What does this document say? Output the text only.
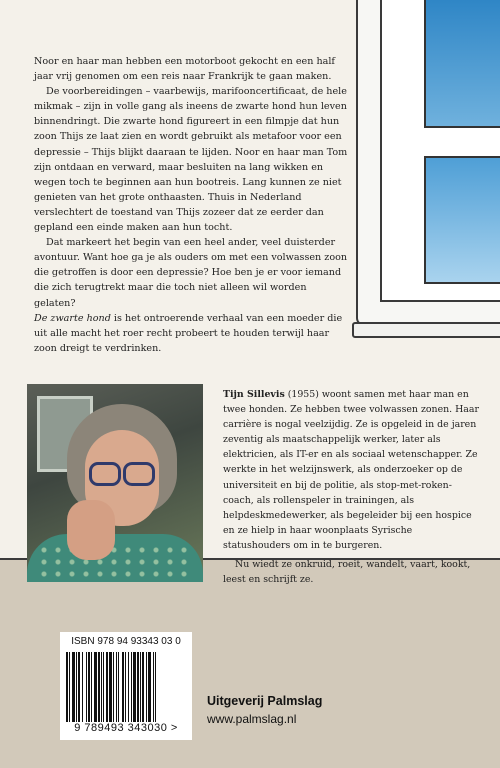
Noor en haar man hebben een motorboot gekocht en een half jaar vrij genomen om een reis naar Frankrijk te gaan maken.

De voorbereidingen – vaarbewijs, marifooncertificaat, de hele mikmak – zijn in volle gang als ineens de zwarte hond hun leven binnendringt. Die zwarte hond figureert in een filmpje dat hun zoon Thijs ze laat zien en wordt gebruikt als metafoor voor een depressie – Thijs blijkt daaraan te lijden. Noor en haar man Tom zijn ontdaan en verward, maar besluiten na lang wikken en wegen toch te beginnen aan hun bootreis. Lang kunnen ze niet genieten van het grote onthaasten. Thuis in Nederland verslechtert de toestand van Thijs zozeer dat ze eerder dan gepland een einde maken aan hun tocht.

Dat markeert het begin van een heel ander, veel duisterder avontuur. Want hoe ga je als ouders om met een volwassen zoon die getroffen is door een depressie? Hoe ben je er voor iemand die zich terugtrekt maar die toch niet alleen wil worden gelaten?

De zwarte hond is het ontroerende verhaal van een moeder die uit alle macht het roer recht probeert te houden terwijl haar zoon dreigt te verdrinken.

Tijn Sillevis (1955) woont samen met haar man en twee honden. Ze hebben twee volwassen zonen. Haar carrière is nogal veelzijdig. Ze is opgeleid in de jaren zeventig als maatschappelijk werker, later als elektricien, als IT-er en als sociaal wetenschapper. Ze werkte in het welzijnswerk, als onderzoeker op de universiteit en bij de politie, als stop-met-roken-coach, als rollenspeler in trainingen, als helpdeskmedewerker, als begeleider bij een hospice en ze hielp in haar woonplaats Syrische statushouders om in te burgeren.

Nu wiedt ze onkruid, roeit, wandelt, vaart, kookt, leest en schrijft ze.

ISBN 978 94 93343 03 0
9 789493 343030 >
Uitgeverij Palmslag
www.palmslag.nl
